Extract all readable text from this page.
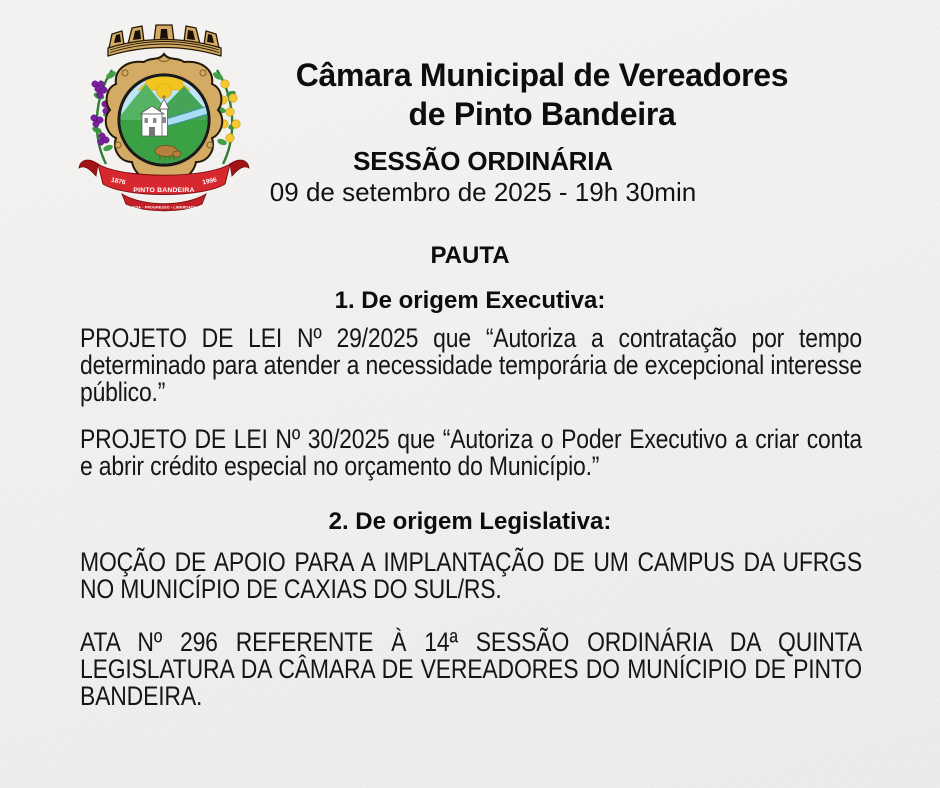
1876	1996
PINTO BANDEIRA
VIDA - PROGRESSO - LIBERDADE
Câmara Municipal de Vereadores
de Pinto Bandeira
SESSÃO ORDINÁRIA
09 de setembro de 2025 - 19h 30min
PAUTA
1. De origem Executiva:

PROJETO DE LEI Nº 29/2025 que “Autoriza a contratação por tempo determinado para atender a necessidade temporária de excepcional interesse público.”

PROJETO DE LEI Nº 30/2025 que “Autoriza o Poder Executivo a criar conta e abrir crédito especial no orçamento do Município.”

2. De origem Legislativa:

MOÇÃO DE APOIO PARA A IMPLANTAÇÃO DE UM CAMPUS DA UFRGS NO MUNICÍPIO DE CAXIAS DO SUL/RS.

ATA Nº 296 REFERENTE À 14ª SESSÃO ORDINÁRIA DA QUINTA LEGISLATURA DA CÂMARA DE VEREADORES DO MUNÍCIPIO DE PINTO BANDEIRA.
